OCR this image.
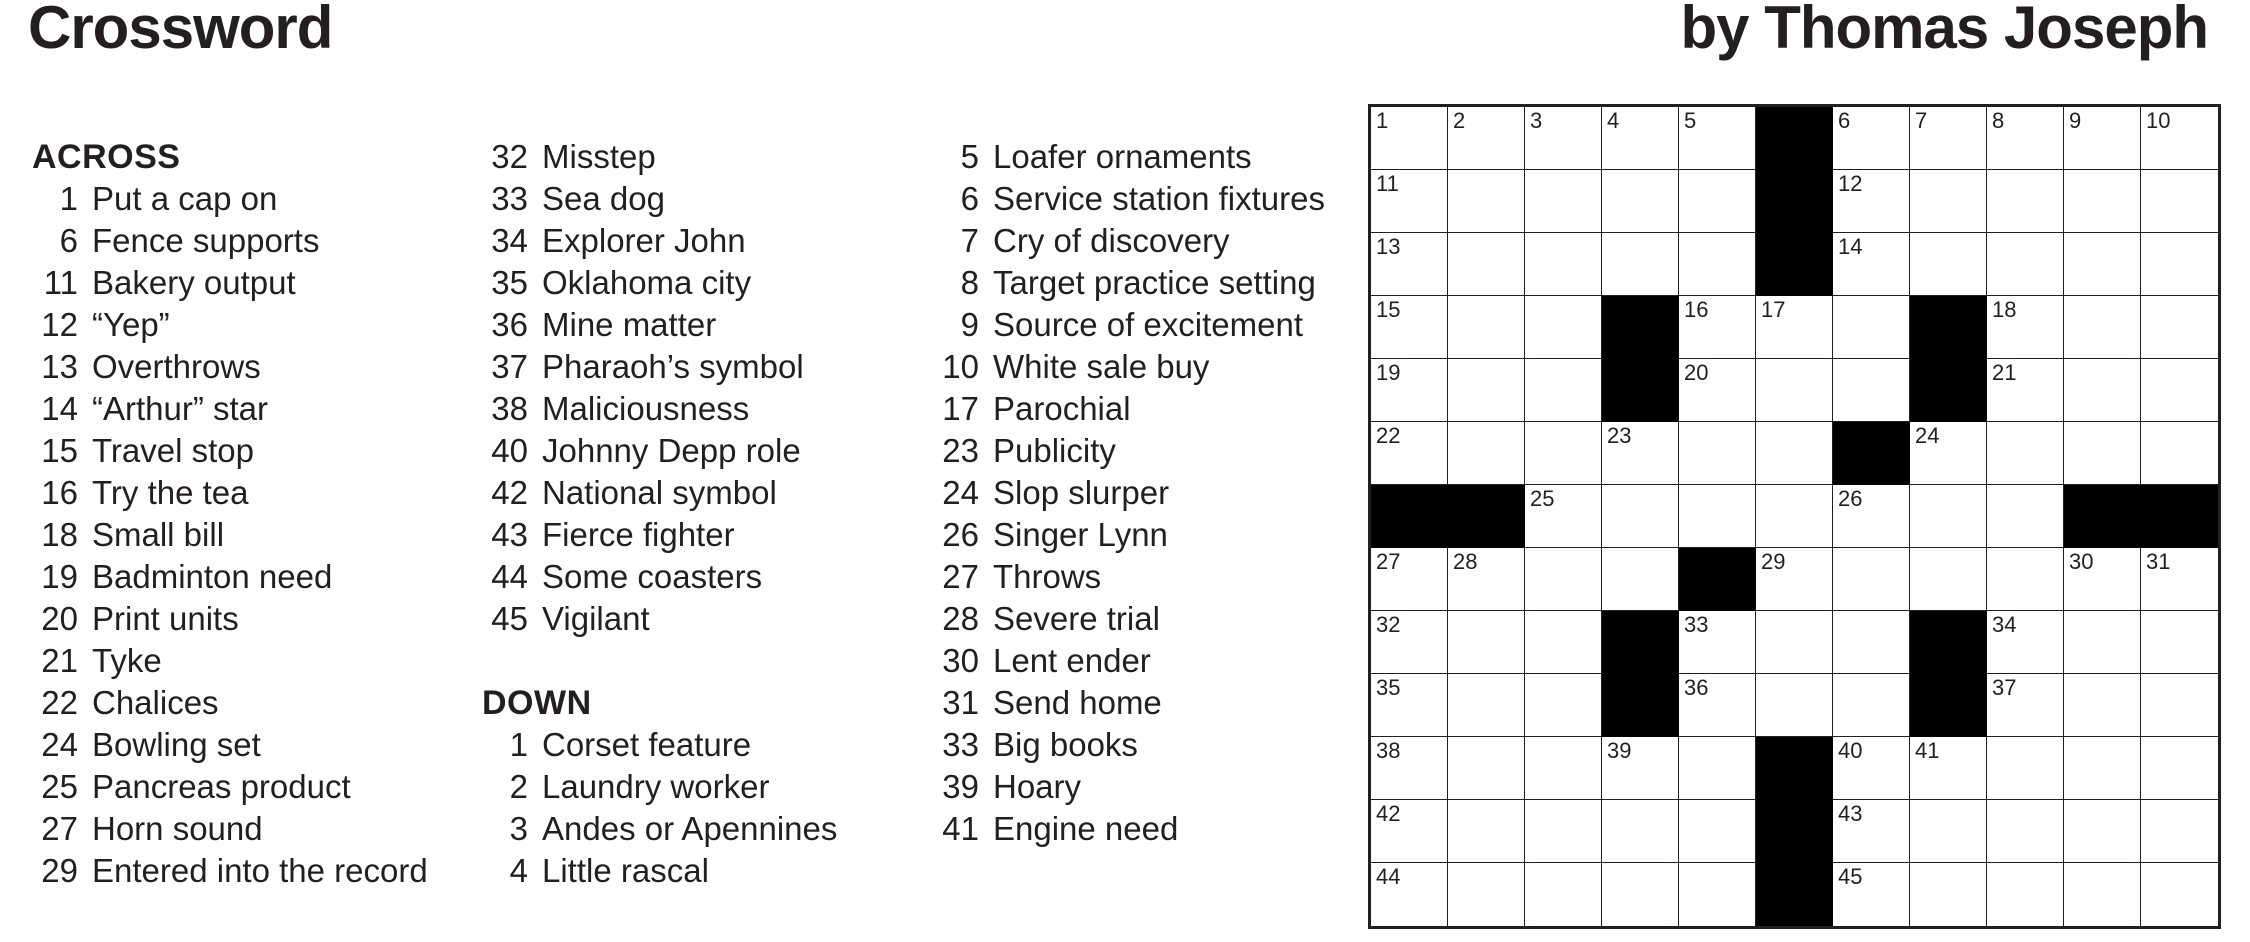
Crossword	by Thomas Joseph
ACROSS
1 Put a cap on
6 Fence supports
11 Bakery output
12 “Yep”
13 Overthrows
14 “Arthur” star
15 Travel stop
16 Try the tea
18 Small bill
19 Badminton need
20 Print units
21 Tyke
22 Chalices
24 Bowling set
25 Pancreas product
27 Horn sound
29 Entered into the record
32 Misstep
33 Sea dog
34 Explorer John
35 Oklahoma city
36 Mine matter
37 Pharaoh’s symbol
38 Maliciousness
40 Johnny Depp role
42 National symbol
43 Fierce fighter
44 Some coasters
45 Vigilant
DOWN
1 Corset feature
2 Laundry worker
3 Andes or Apennines
4 Little rascal
5 Loafer ornaments
6 Service station fixtures
7 Cry of discovery
8 Target practice setting
9 Source of excitement
10 White sale buy
17 Parochial
23 Publicity
24 Slop slurper
26 Singer Lynn
27 Throws
28 Severe trial
30 Lent ender
31 Send home
33 Big books
39 Hoary
41 Engine need
1	2	3	4	5	6	7	8	9	10
11	12
13	14
15	16 17	18
19	20	21
22	23	24
25	26
27 28	29	30 31
32	33	34
35	36	37
38	39	40 41
42	43
44	45
